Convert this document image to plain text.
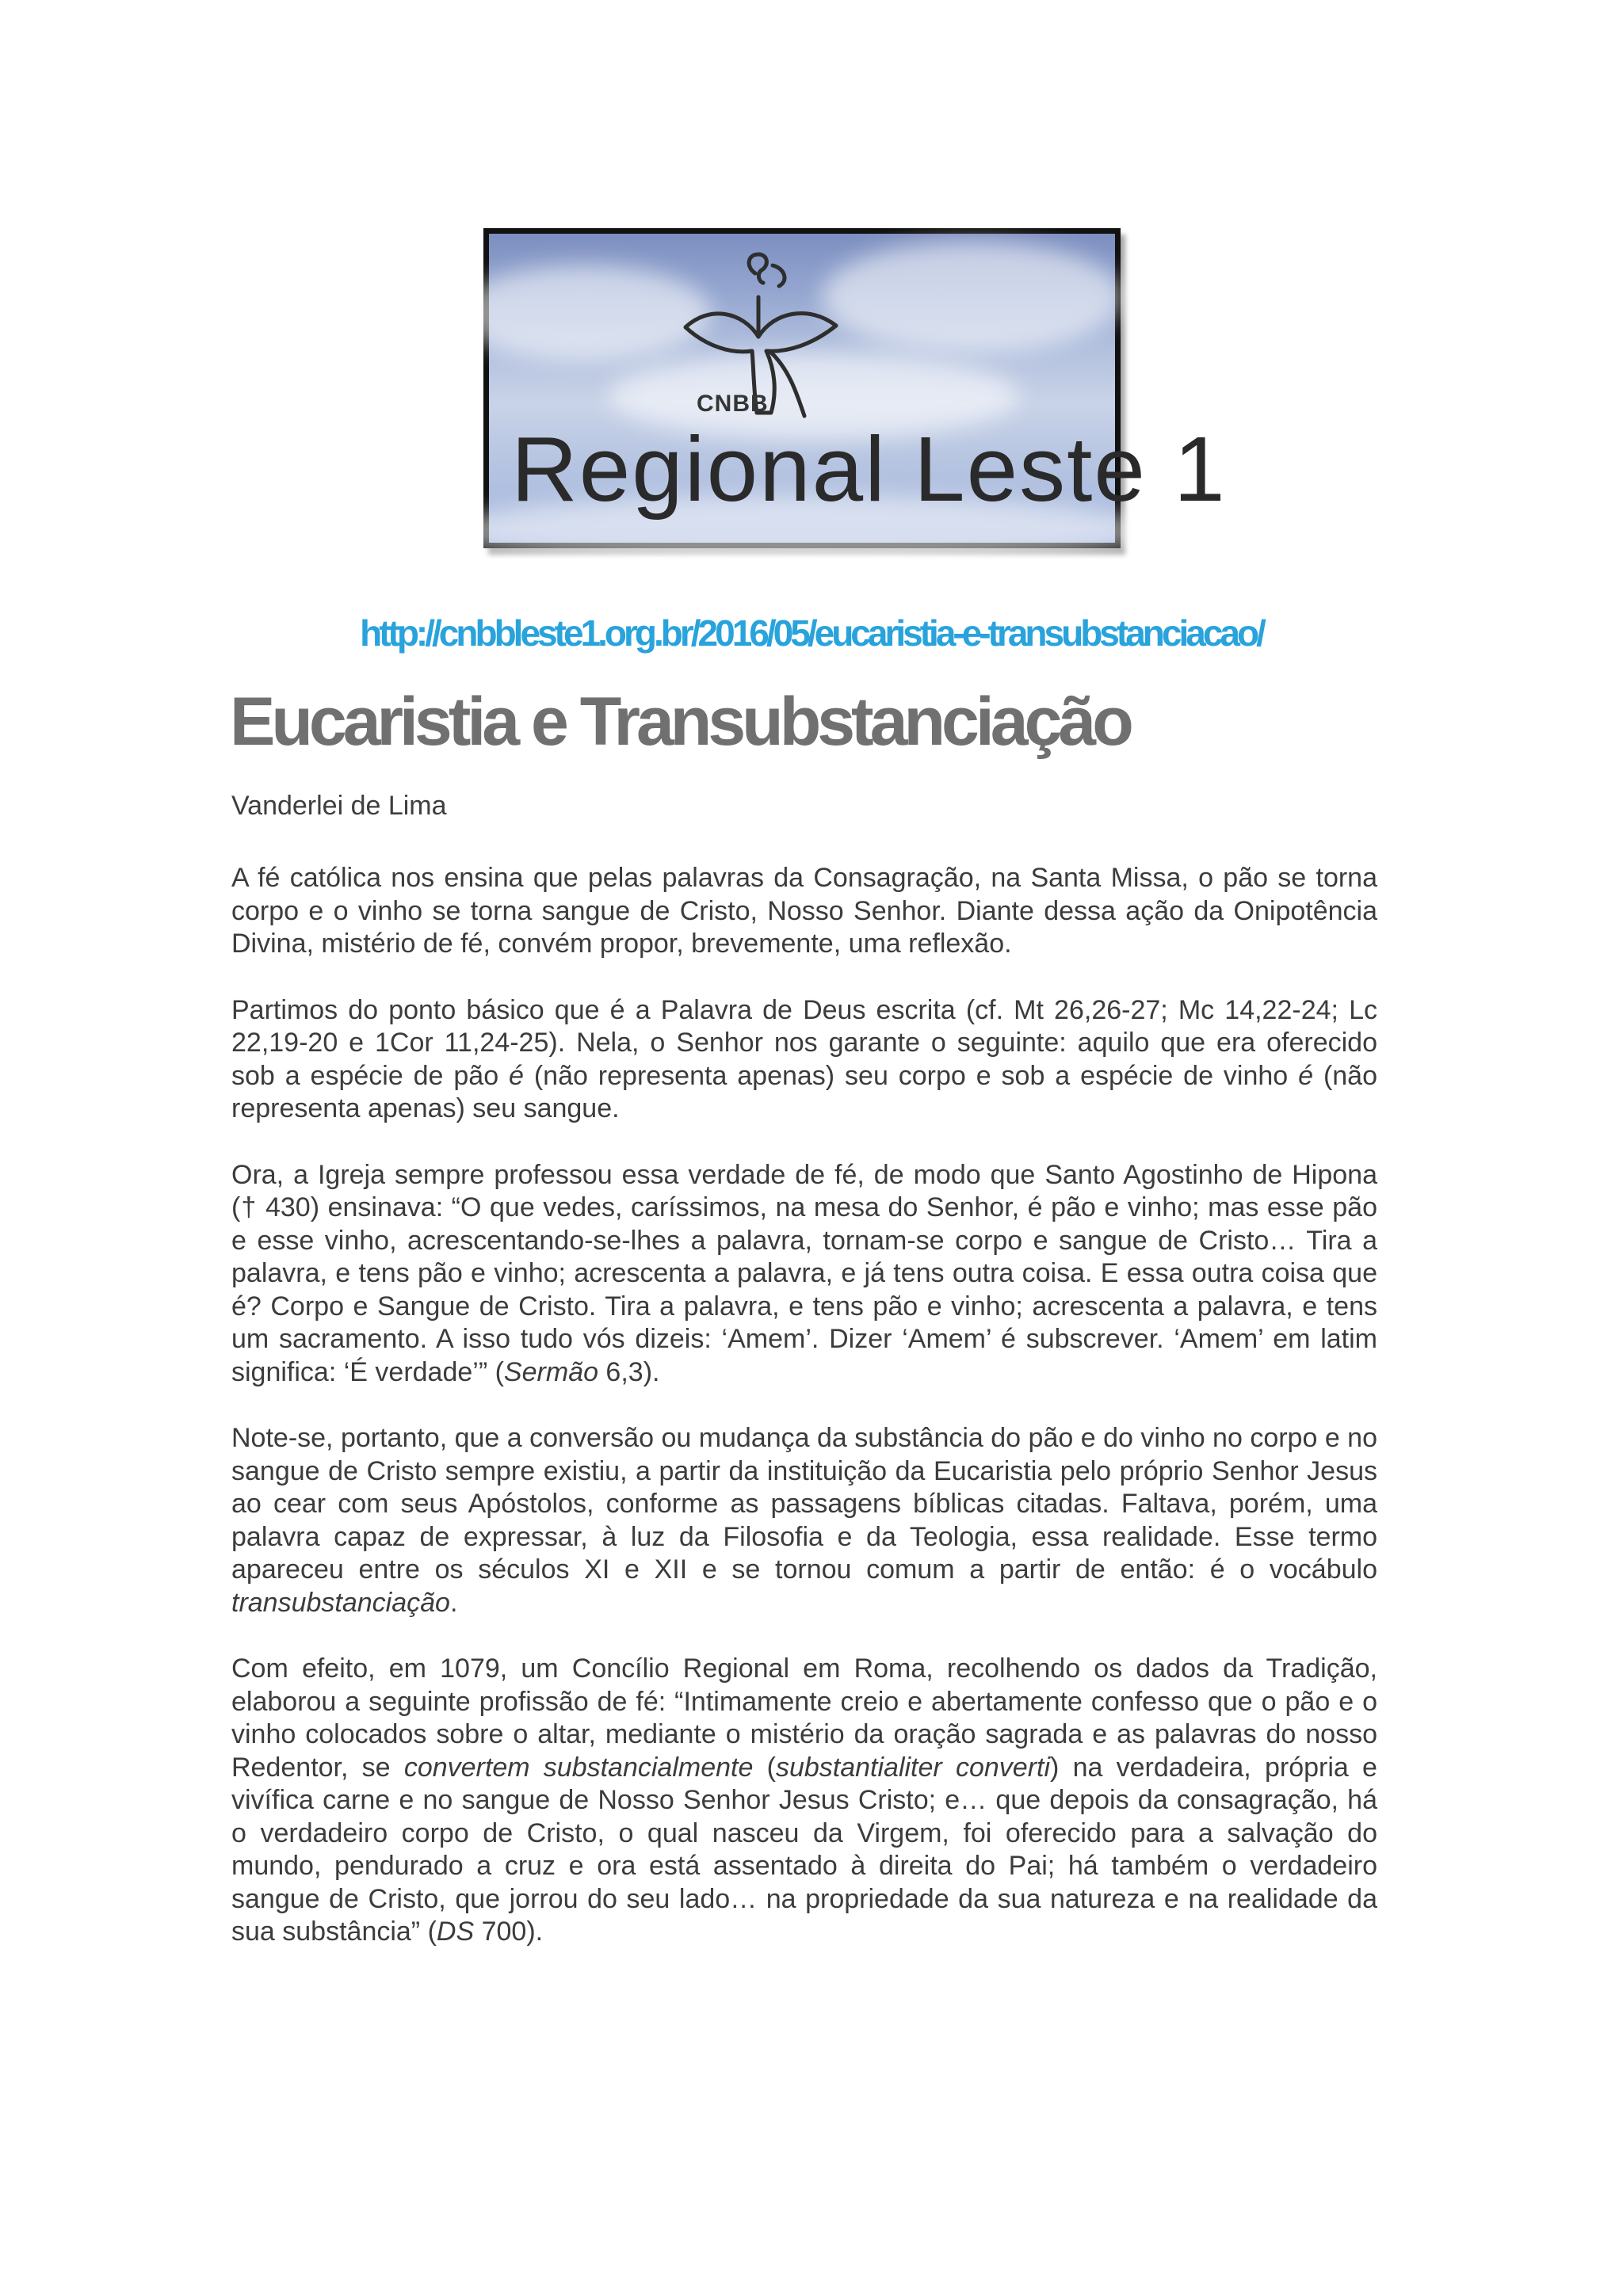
CNBB
Regional Leste 1
http://cnbbleste1.org.br/2016/05/eucaristia-e-transubstanciacao/
Eucaristia e Transubstanciação
Vanderlei de Lima

A fé católica nos ensina que pelas palavras da Consagração, na Santa Missa, o pão se torna corpo e o vinho se torna sangue de Cristo, Nosso Senhor. Diante dessa ação da Onipotência Divina, mistério de fé, convém propor, brevemente, uma reflexão.

Partimos do ponto básico que é a Palavra de Deus escrita (cf. Mt 26,26-27; Mc 14,22-24; Lc 22,19-20 e 1Cor 11,24-25). Nela, o Senhor nos garante o seguinte: aquilo que era oferecido sob a espécie de pão é (não representa apenas) seu corpo e sob a espécie de vinho é (não representa apenas) seu sangue.

Ora, a Igreja sempre professou essa verdade de fé, de modo que Santo Agostinho de Hipona († 430) ensinava: “O que vedes, caríssimos, na mesa do Senhor, é pão e vinho; mas esse pão e esse vinho, acrescentando-se-lhes a palavra, tornam-se corpo e sangue de Cristo… Tira a palavra, e tens pão e vinho; acrescenta a palavra, e já tens outra coisa. E essa outra coisa que é? Corpo e Sangue de Cristo. Tira a palavra, e tens pão e vinho; acrescenta a palavra, e tens um sacramento. A isso tudo vós dizeis: ‘Amem’. Dizer ‘Amem’ é subscrever. ‘Amem’ em latim significa: ‘É verdade’” (Sermão 6,3).

Note-se, portanto, que a conversão ou mudança da substância do pão e do vinho no corpo e no sangue de Cristo sempre existiu, a partir da instituição da Eucaristia pelo próprio Senhor Jesus ao cear com seus Apóstolos, conforme as passagens bíblicas citadas. Faltava, porém, uma palavra capaz de expressar, à luz da Filosofia e da Teologia, essa realidade. Esse termo apareceu entre os séculos XI e XII e se tornou comum a partir de então: é o vocábulo transubstanciação.

Com efeito, em 1079, um Concílio Regional em Roma, recolhendo os dados da Tradição, elaborou a seguinte profissão de fé: “Intimamente creio e abertamente confesso que o pão e o vinho colocados sobre o altar, mediante o mistério da oração sagrada e as palavras do nosso Redentor, se convertem substancialmente (substantialiter converti) na verdadeira, própria e vivífica carne e no sangue de Nosso Senhor Jesus Cristo; e… que depois da consagração, há o verdadeiro corpo de Cristo, o qual nasceu da Virgem, foi oferecido para a salvação do mundo, pendurado a cruz e ora está assentado à direita do Pai; há também o verdadeiro sangue de Cristo, que jorrou do seu lado… na propriedade da sua natureza e na realidade da sua substância” (DS 700).
